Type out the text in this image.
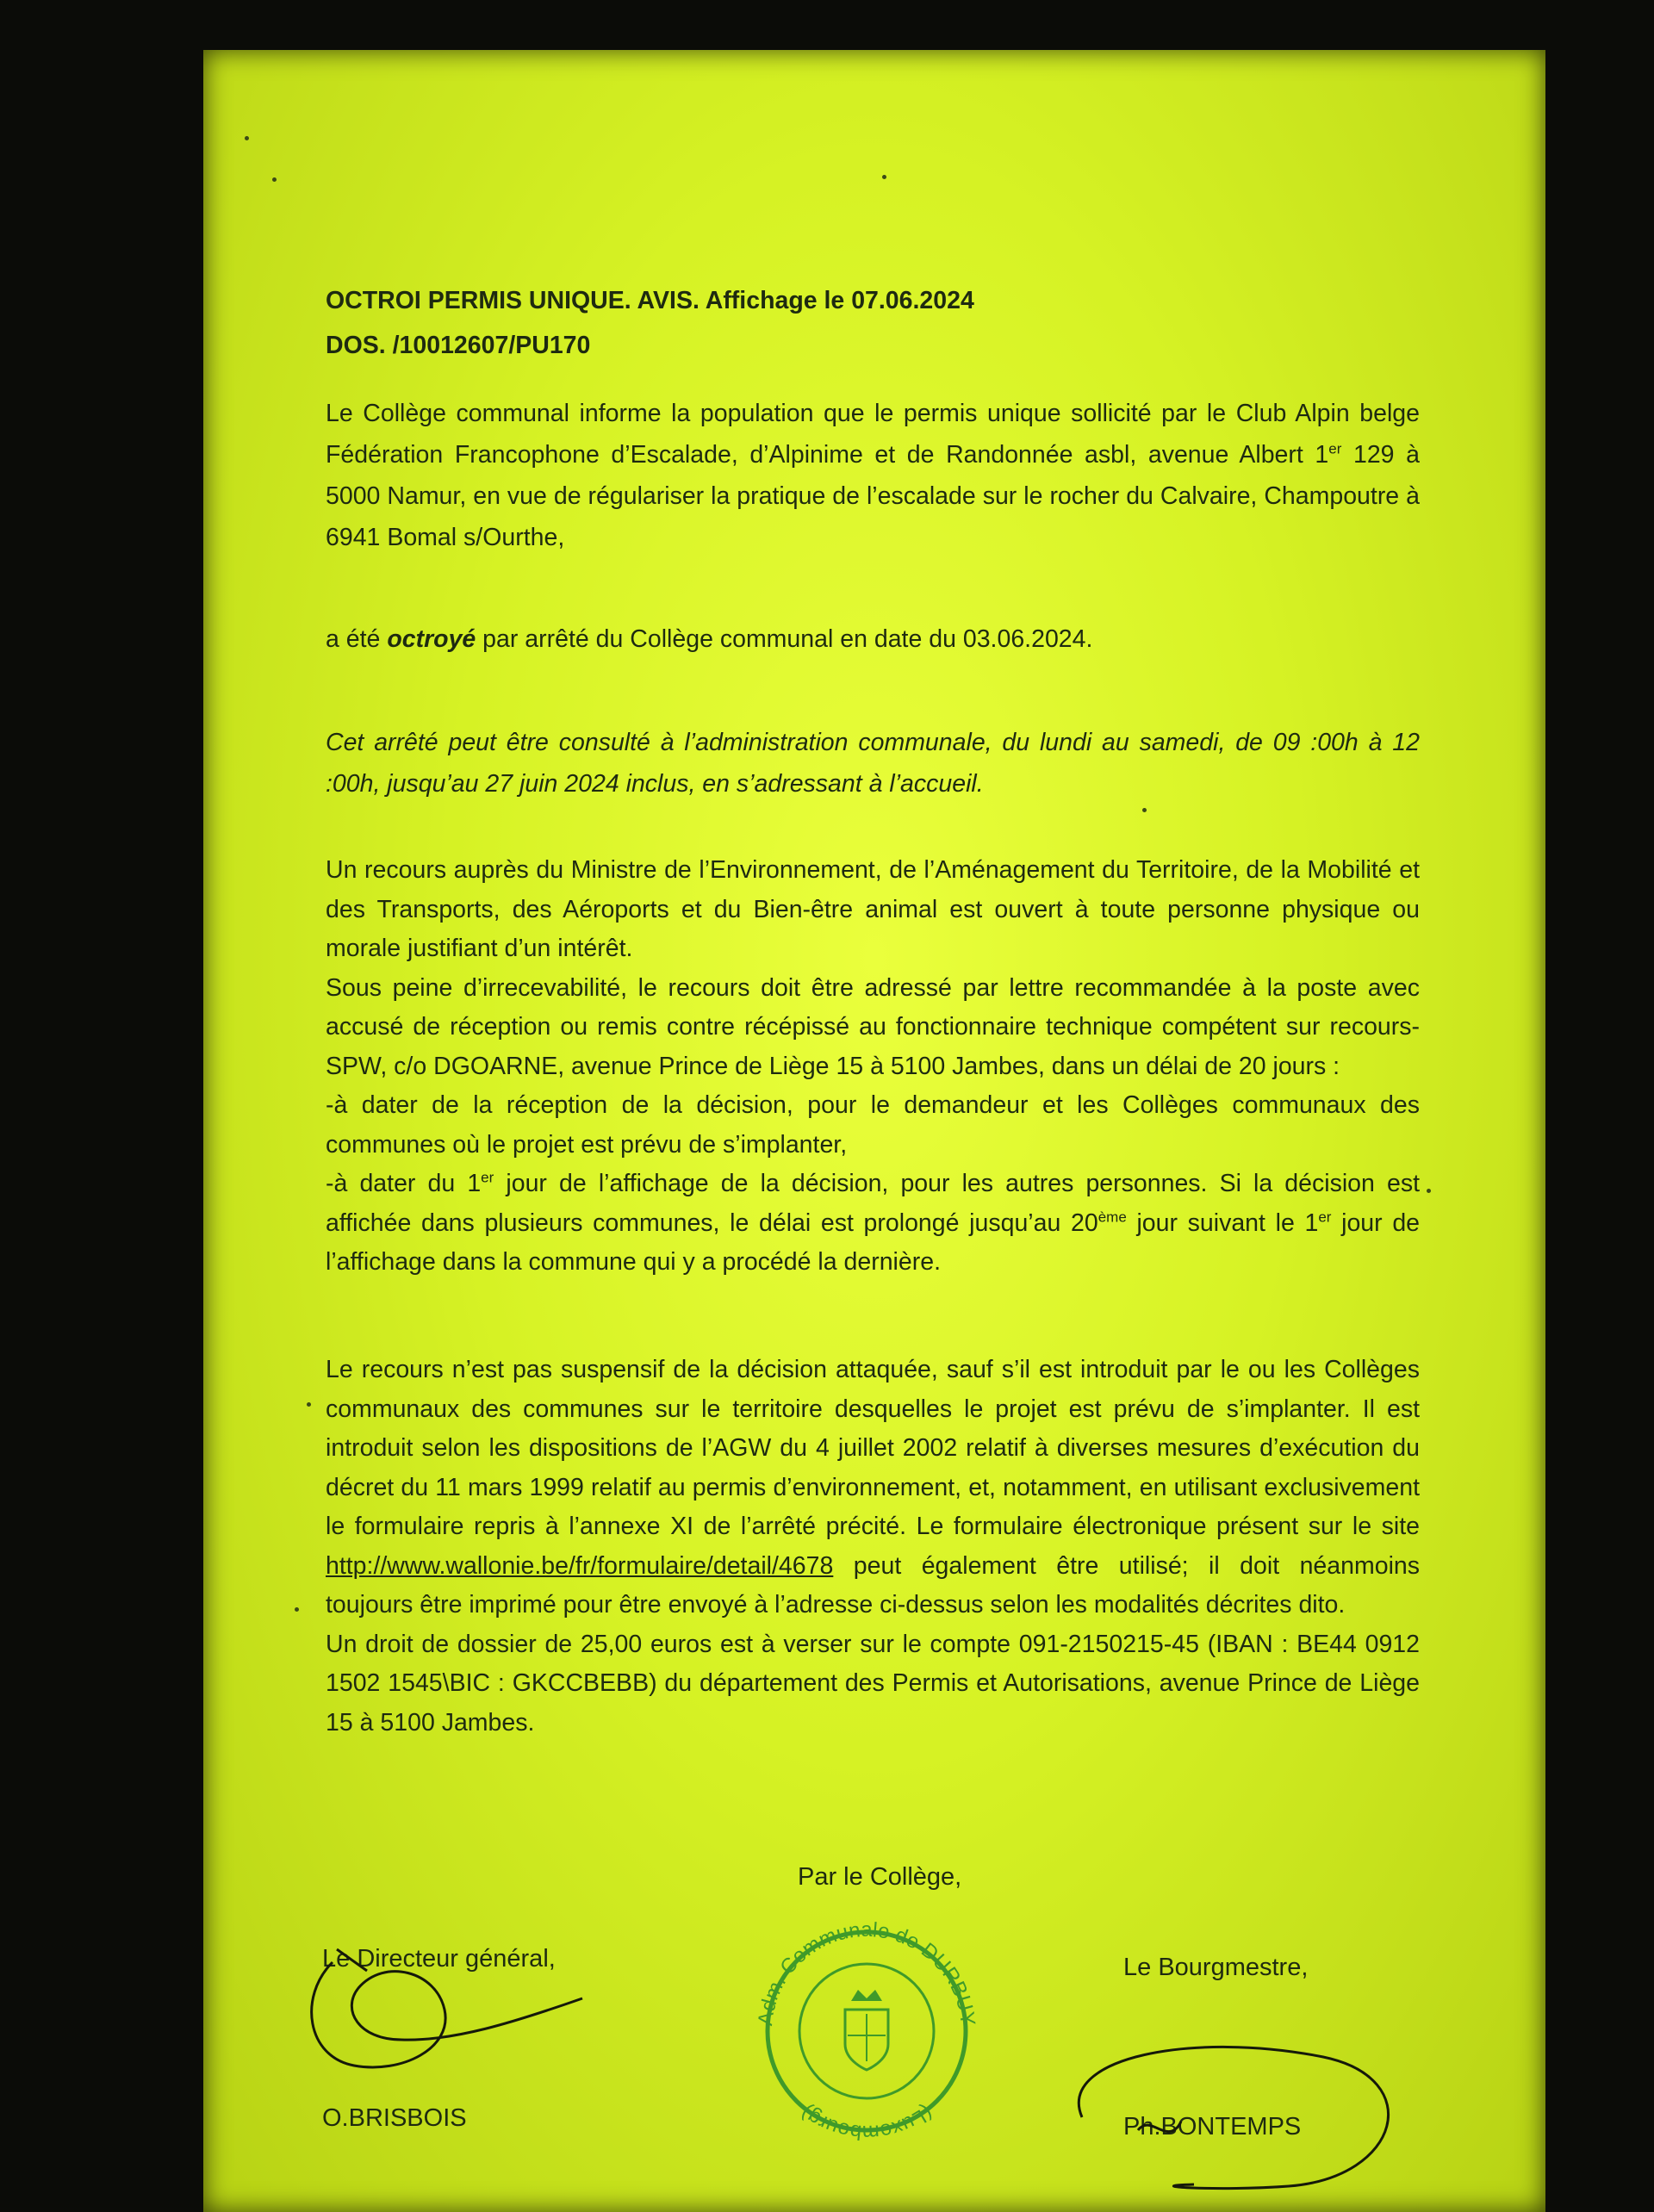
OCTROI PERMIS UNIQUE. AVIS. Affichage le 07.06.2024
DOS. /10012607/PU170

Le Collège communal informe la population que le permis unique sollicité par le Club Alpin belge Fédération Francophone d’Escalade, d’Alpinime et de Randonnée asbl, avenue Albert 1er 129 à 5000 Namur, en vue de régulariser la pratique de l’escalade sur le rocher du Calvaire, Champoutre à 6941 Bomal s/Ourthe,

a été octroyé par arrêté du Collège communal en date du 03.06.2024.

Cet arrêté peut être consulté à l’administration communale, du lundi au samedi, de 09 :00h à 12 :00h, jusqu’au 27 juin 2024 inclus, en s’adressant à l’accueil.

Un recours auprès du Ministre de l’Environnement, de l’Aménagement du Territoire, de la Mobilité et des Transports, des Aéroports et du Bien-être animal est ouvert à toute personne physique ou morale justifiant d’un intérêt.

Sous peine d’irrecevabilité, le recours doit être adressé par lettre recommandée à la poste avec accusé de réception ou remis contre récépissé au fonctionnaire technique compétent sur recours-SPW, c/o DGOARNE, avenue Prince de Liège 15 à 5100 Jambes, dans un délai de 20 jours :

-à dater de la réception de la décision, pour le demandeur et les Collèges communaux des communes où le projet est prévu de s’implanter,

-à dater du 1er jour de l’affichage de la décision, pour les autres personnes. Si la décision est affichée dans plusieurs communes, le délai est prolongé jusqu’au 20ème jour suivant le 1er jour de l’affichage dans la commune qui y a procédé la dernière.

Le recours n’est pas suspensif de la décision attaquée, sauf s’il est introduit par le ou les Collèges communaux des communes sur le territoire desquelles le projet est prévu de s’implanter. Il est introduit selon les dispositions de l’AGW du 4 juillet 2002 relatif à diverses mesures d’exécution du décret du 11 mars 1999 relatif au permis d’environnement, et, notamment, en utilisant exclusivement le formulaire repris à l’annexe XI de l’arrêté précité. Le formulaire électronique présent sur le site http://www.wallonie.be/fr/formulaire/detail/4678 peut également être utilisé; il doit néanmoins toujours être imprimé pour être envoyé à l’adresse ci-dessus selon les modalités décrites dito.

Un droit de dossier de 25,00 euros est à verser sur le compte 091-2150215-45 (IBAN : BE44 0912 1502 1545\BIC : GKCCBEBB) du département des Permis et Autorisations, avenue Prince de Liège 15 à 5100 Jambes.

Par le Collège,
Le Directeur général,
O.BRISBOIS
Le Bourgmestre,
Ph.BONTEMPS
Adm. Communale de DURBUY
(Luxembourg)
